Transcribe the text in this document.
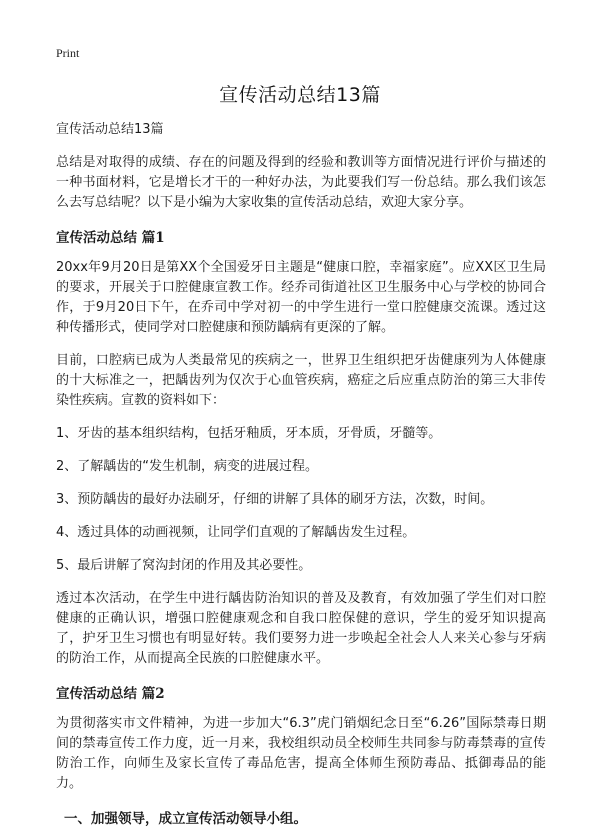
Print
宣传活动总结13篇

宣传活动总结13篇

总结是对取得的成绩、存在的问题及得到的经验和教训等方面情况进行评价与描述的一种书面材料，它是增长才干的一种好办法，为此要我们写一份总结。那么我们该怎么去写总结呢？以下是小编为大家收集的宣传活动总结，欢迎大家分享。

宣传活动总结 篇1

20xx年9月20日是第XX个全国爱牙日主题是“健康口腔，幸福家庭”。应XX区卫生局的要求，开展关于口腔健康宣教工作。经乔司街道社区卫生服务中心与学校的协同合作，于9月20日下午，在乔司中学对初一的中学生进行一堂口腔健康交流课。透过这种传播形式，使同学对口腔健康和预防龋病有更深的了解。

目前，口腔病已成为人类最常见的疾病之一，世界卫生组织把牙齿健康列为人体健康的十大标准之一，把龋齿列为仅次于心血管疾病，癌症之后应重点防治的第三大非传染性疾病。宣教的资料如下：

1、牙齿的基本组织结构，包括牙釉质，牙本质，牙骨质，牙髓等。
2、了解龋齿的“发生机制，病变的进展过程。
3、预防龋齿的最好办法刷牙，仔细的讲解了具体的刷牙方法，次数，时间。
4、透过具体的动画视频，让同学们直观的了解龋齿发生过程。
5、最后讲解了窝沟封闭的作用及其必要性。

透过本次活动，在学生中进行龋齿防治知识的普及及教育，有效加强了学生们对口腔健康的正确认识，增强口腔健康观念和自我口腔保健的意识，学生的爱牙知识提高了，护牙卫生习惯也有明显好转。我们要努力进一步唤起全社会人人来关心参与牙病的防治工作，从而提高全民族的口腔健康水平。

宣传活动总结 篇2

为贯彻落实市文件精神，为进一步加大“6.3”虎门销烟纪念日至“6.26”国际禁毒日期间的禁毒宣传工作力度，近一月来，我校组织动员全校师生共同参与防毒禁毒的宣传防治工作，向师生及家长宣传了毒品危害，提高全体师生预防毒品、抵御毒品的能力。

一、加强领导，成立宣传活动领导小组。
